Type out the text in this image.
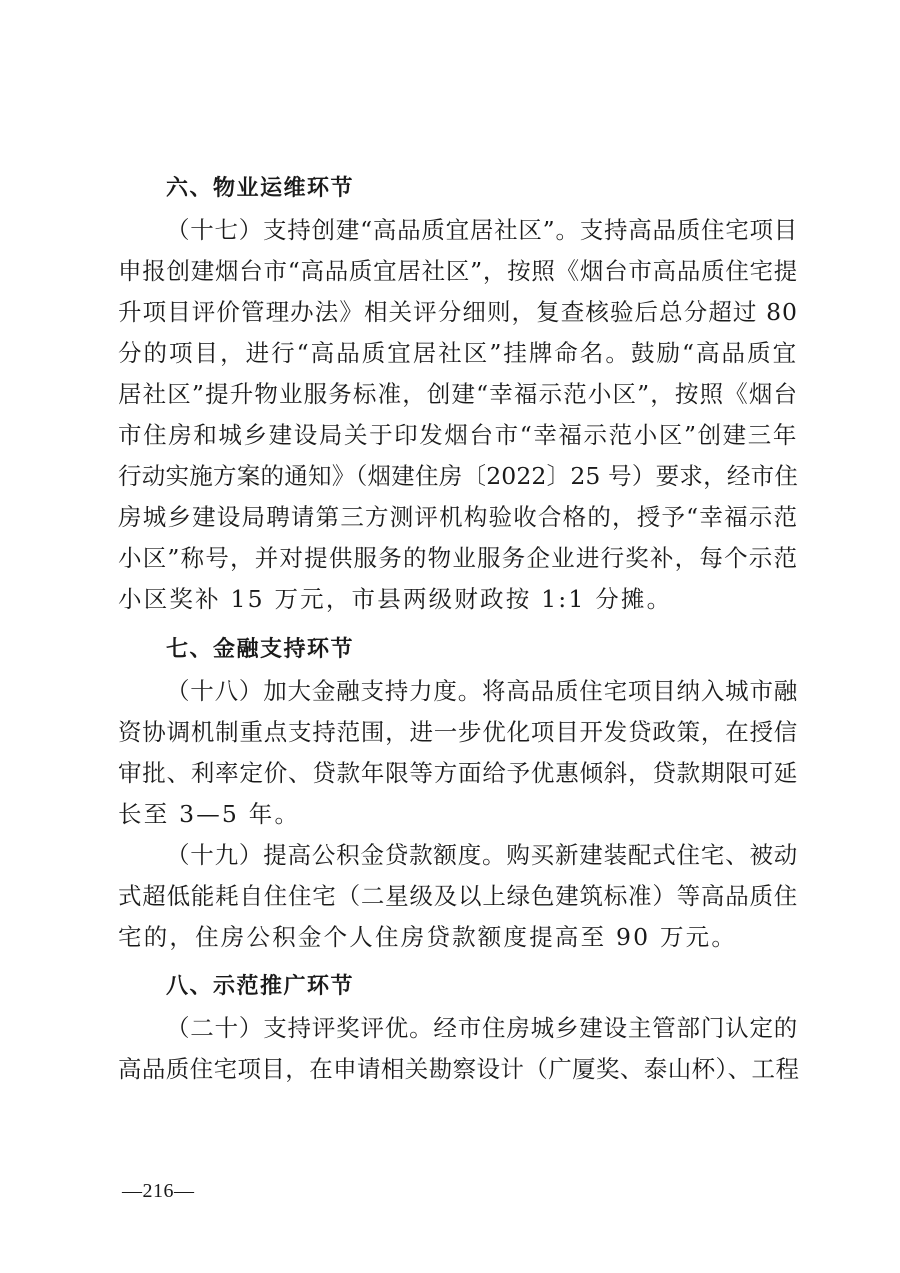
六、物业运维环节
（十七）支持创建“高品质宜居社区”。支持高品质住宅项目
申报创建烟台市“高品质宜居社区”，按照《烟台市高品质住宅提
升项目评价管理办法》相关评分细则，复查核验后总分超过 80
分的项目，进行“高品质宜居社区”挂牌命名。鼓励“高品质宜
居社区”提升物业服务标准，创建“幸福示范小区”，按照《烟台
市住房和城乡建设局关于印发烟台市“幸福示范小区”创建三年
行动实施方案的通知》（烟建住房〔2022〕25 号）要求，经市住
房城乡建设局聘请第三方测评机构验收合格的，授予“幸福示范
小区”称号，并对提供服务的物业服务企业进行奖补，每个示范
小区奖补 15 万元，市县两级财政按 1:1 分摊。
七、金融支持环节
（十八）加大金融支持力度。将高品质住宅项目纳入城市融
资协调机制重点支持范围，进一步优化项目开发贷政策，在授信
审批、利率定价、贷款年限等方面给予优惠倾斜，贷款期限可延
长至 3—5 年。
（十九）提高公积金贷款额度。购买新建装配式住宅、被动
式超低能耗自住住宅（二星级及以上绿色建筑标准）等高品质住
宅的，住房公积金个人住房贷款额度提高至 90 万元。
八、示范推广环节
（二十）支持评奖评优。经市住房城乡建设主管部门认定的
高品质住宅项目，在申请相关勘察设计（广厦奖、泰山杯）、工程
—216—
